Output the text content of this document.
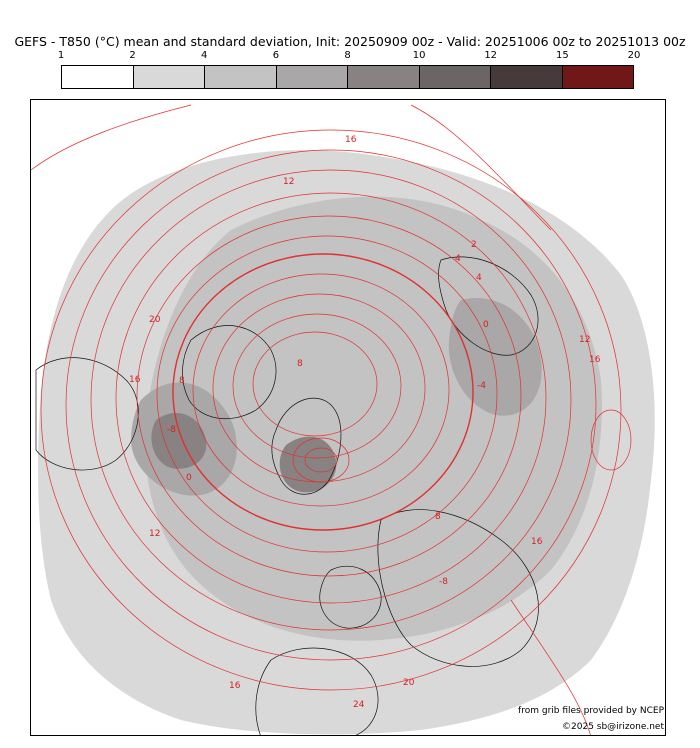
GEFS - T850 (°C) mean and standard deviation, Init: 20250909 00z - Valid: 20251006 00z to 20251013 00z
1	2	4	6	8	10	12	15	20
16
12
2
4
0
20
16	8
8
12
16
16
12
-4
-8
-8
0
8
16	20
24
4
from grib files provided by NCEP
©2025 sb@irizone.net
